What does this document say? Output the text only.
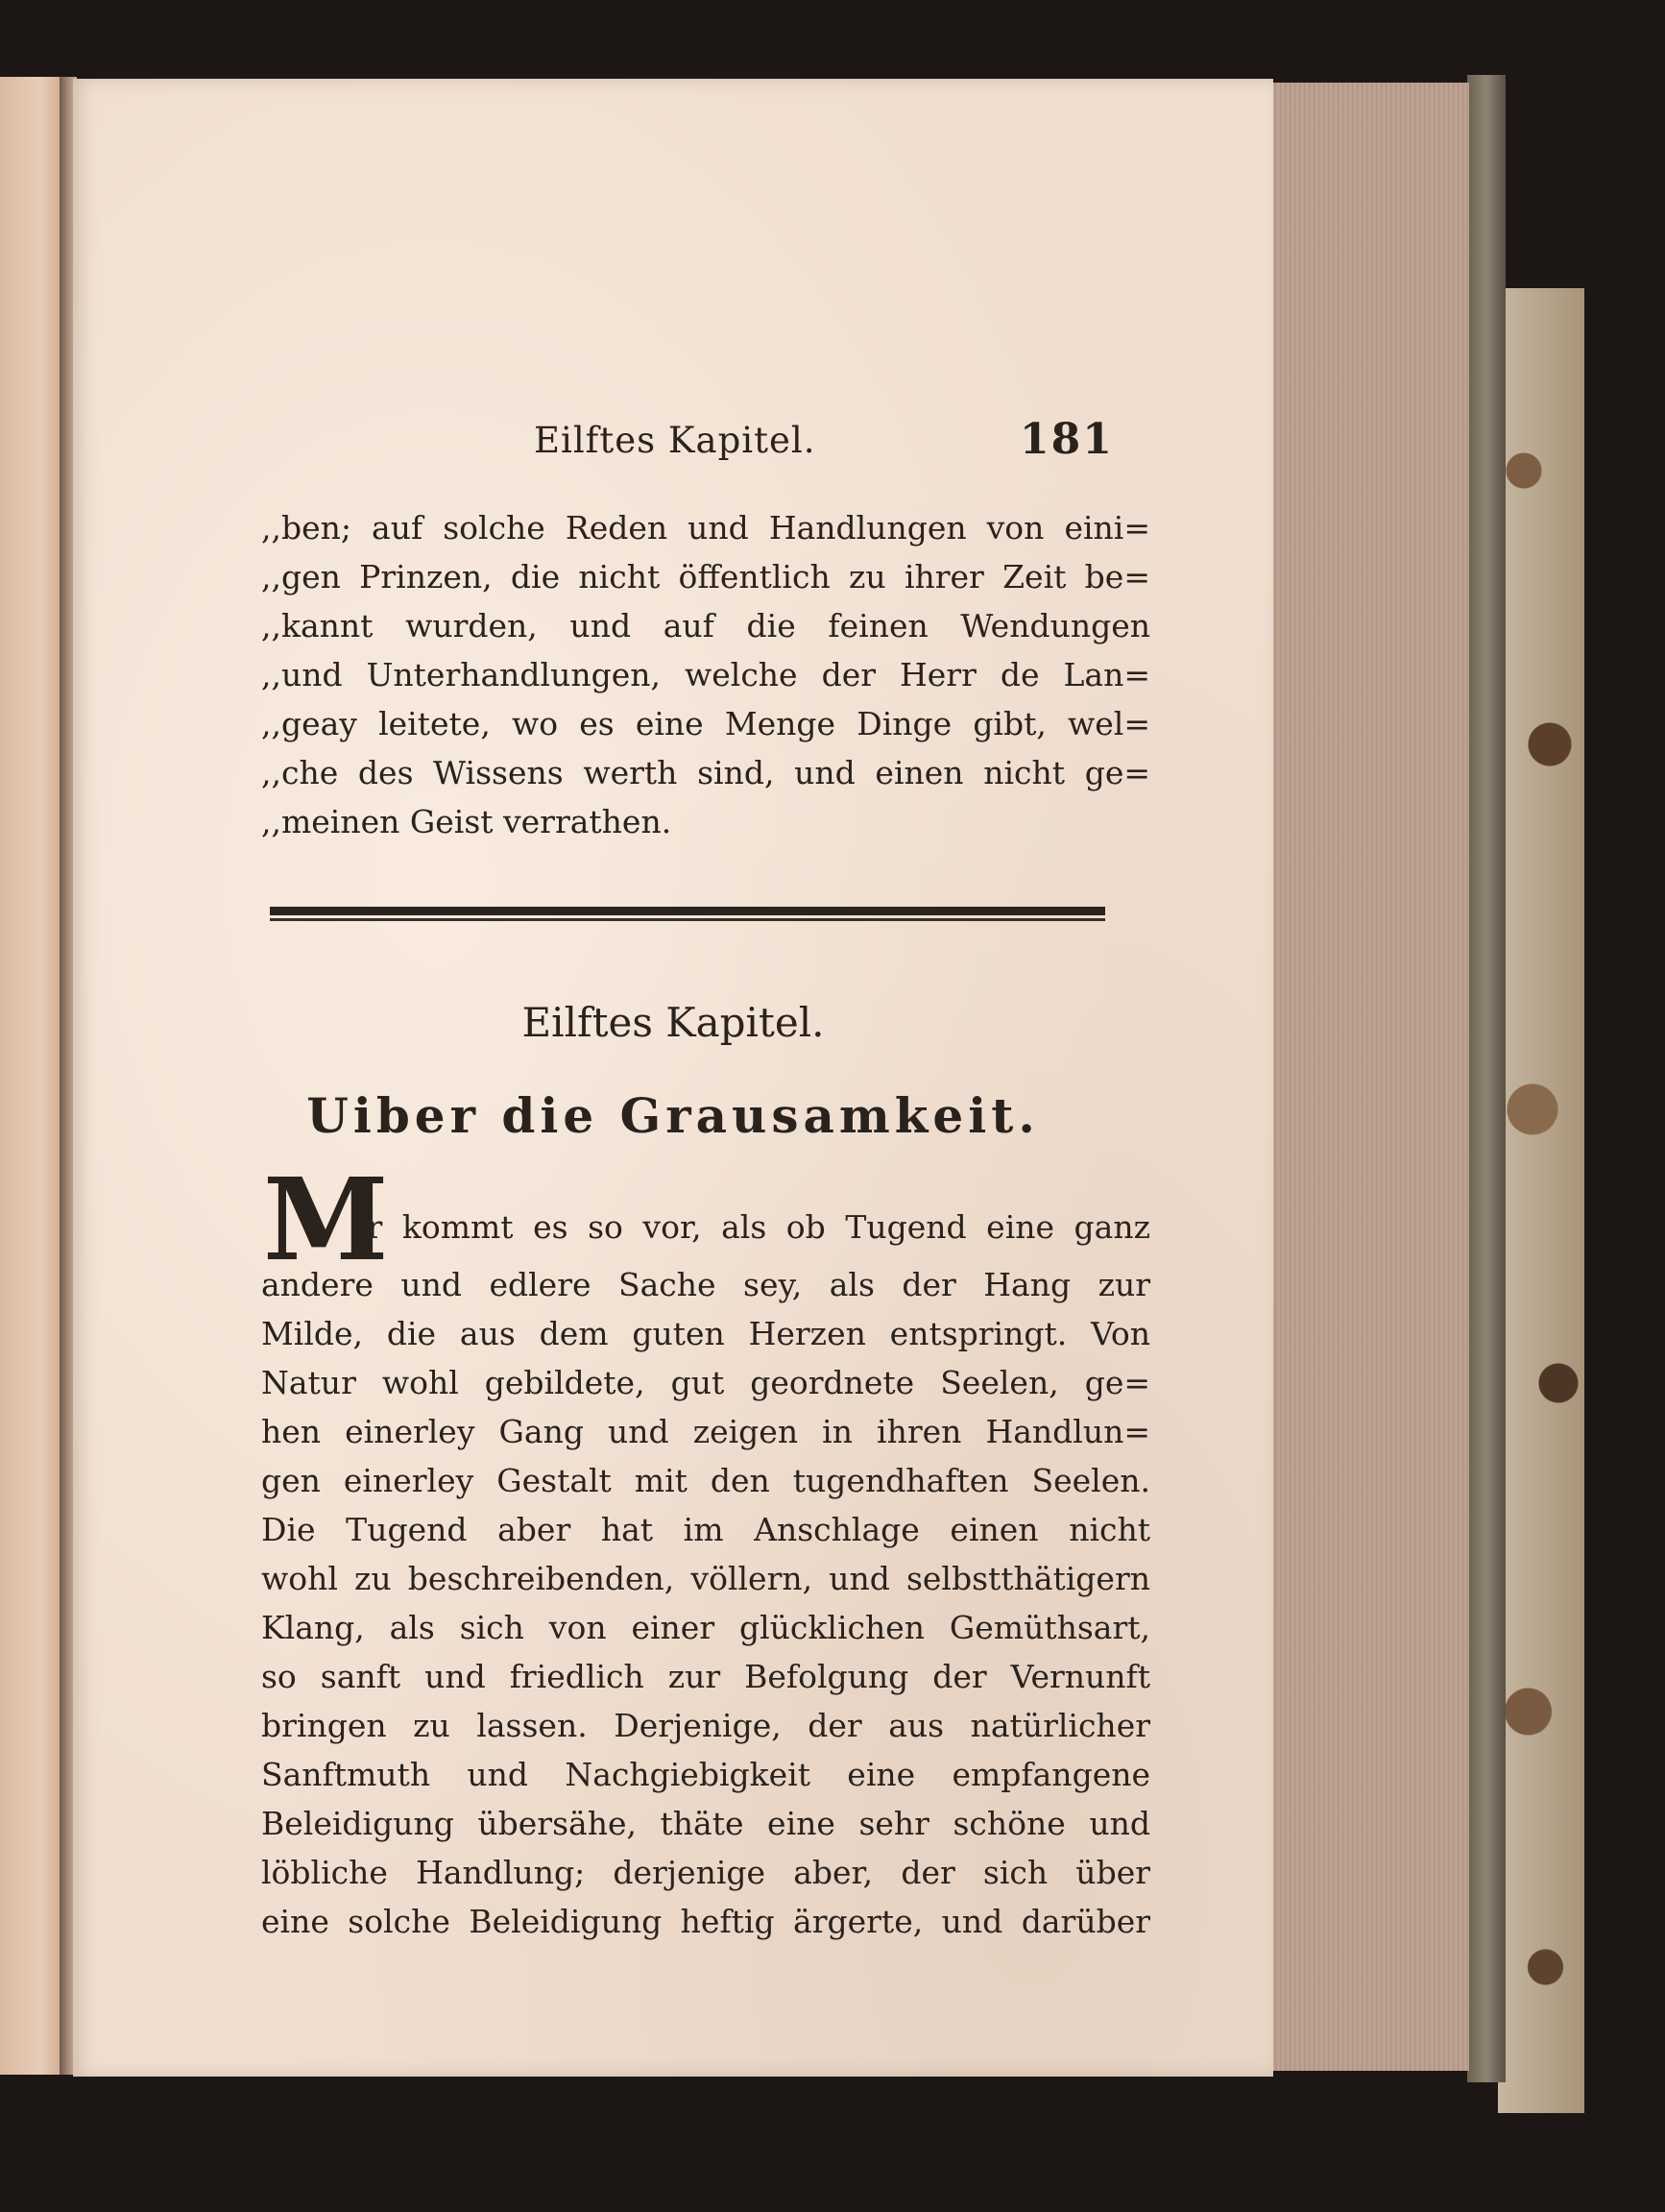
Eilftes Kapitel.	181
,,ben; auf solche Reden und Handlungen von eini=
,,gen Prinzen, die nicht öffentlich zu ihrer Zeit be=
,,kannt wurden, und auf die feinen Wendungen
,,und Unterhandlungen, welche der Herr de Lan=
,,geay leitete, wo es eine Menge Dinge gibt, wel=
,,che des Wissens werth sind, und einen nicht ge=
,,meinen Geist verrathen.
Eilftes Kapitel.
Uiber die Grausamkeit.
M
ir kommt es so vor, als ob Tugend eine ganz
andere und edlere Sache sey, als der Hang zur
Milde, die aus dem guten Herzen entspringt. Von
Natur wohl gebildete, gut geordnete Seelen, ge=
hen einerley Gang und zeigen in ihren Handlun=
gen einerley Gestalt mit den tugendhaften Seelen.
Die Tugend aber hat im Anschlage einen nicht
wohl zu beschreibenden, völlern, und selbstthätigern
Klang, als sich von einer glücklichen Gemüthsart,
so sanft und friedlich zur Befolgung der Vernunft
bringen zu lassen. Derjenige, der aus natürlicher
Sanftmuth und Nachgiebigkeit eine empfangene
Beleidigung übersähe, thäte eine sehr schöne und
löbliche Handlung; derjenige aber, der sich über
eine solche Beleidigung heftig ärgerte, und darüber
